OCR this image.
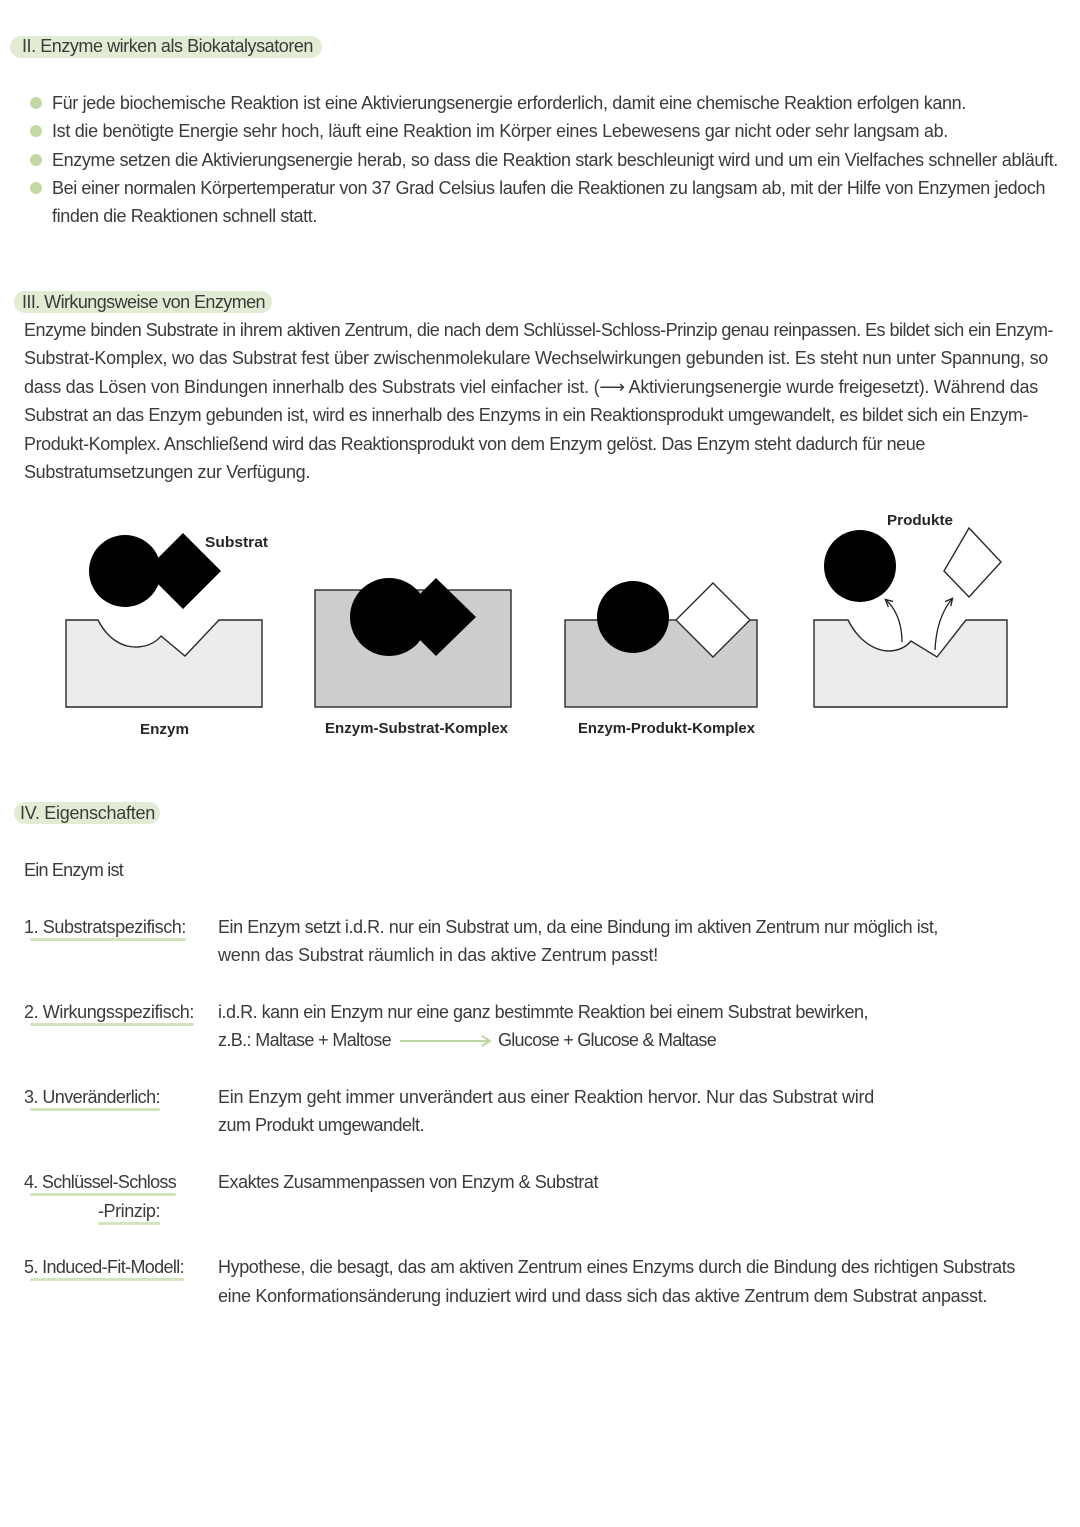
II. Enzyme wirken als Biokatalysatoren
Für jede biochemische Reaktion ist eine Aktivierungsenergie erforderlich, damit eine chemische Reaktion erfolgen kann.
Ist die benötigte Energie sehr hoch, läuft eine Reaktion im Körper eines Lebewesens gar nicht oder sehr langsam ab.
Enzyme setzen die Aktivierungsenergie herab, so dass die Reaktion stark beschleunigt wird und um ein Vielfaches schneller abläuft.
Bei einer normalen Körpertemperatur von 37 Grad Celsius laufen die Reaktionen zu langsam ab, mit der Hilfe von Enzymen jedoch
finden die Reaktionen schnell statt.
III. Wirkungsweise von Enzymen
Enzyme binden Substrate in ihrem aktiven Zentrum, die nach dem Schlüssel-Schloss-Prinzip genau reinpassen. Es bildet sich ein Enzym-
Substrat-Komplex, wo das Substrat fest über zwischenmolekulare Wechselwirkungen gebunden ist. Es steht nun unter Spannung, so
dass das Lösen von Bindungen innerhalb des Substrats viel einfacher ist. (⟶ Aktivierungsenergie wurde freigesetzt). Während das
Substrat an das Enzym gebunden ist, wird es innerhalb des Enzyms in ein Reaktionsprodukt umgewandelt, es bildet sich ein Enzym-
Produkt-Komplex. Anschließend wird das Reaktionsprodukt von dem Enzym gelöst. Das Enzym steht dadurch für neue
Substratumsetzungen zur Verfügung.
Substrat
Enzym	Enzym-Substrat-Komplex	Enzym-Produkt-Komplex
Produkte
IV. Eigenschaften
Ein Enzym ist
1. Substratspezifisch: Ein Enzym setzt i.d.R. nur ein Substrat um, da eine Bindung im aktiven Zentrum nur möglich ist,
wenn das Substrat räumlich in das aktive Zentrum passt!
2. Wirkungsspezifisch: i.d.R. kann ein Enzym nur eine ganz bestimmte Reaktion bei einem Substrat bewirken,
z.B.: Maltase + Maltose	Glucose + Glucose & Maltase
3. Unveränderlich:	Ein Enzym geht immer unverändert aus einer Reaktion hervor. Nur das Substrat wird
zum Produkt umgewandelt.
4. Schlüssel-Schloss
-Prinzip:
Exaktes Zusammenpassen von Enzym & Substrat
5. Induced-Fit-Modell: Hypothese, die besagt, das am aktiven Zentrum eines Enzyms durch die Bindung des richtigen Substrats
eine Konformationsänderung induziert wird und dass sich das aktive Zentrum dem Substrat anpasst.
